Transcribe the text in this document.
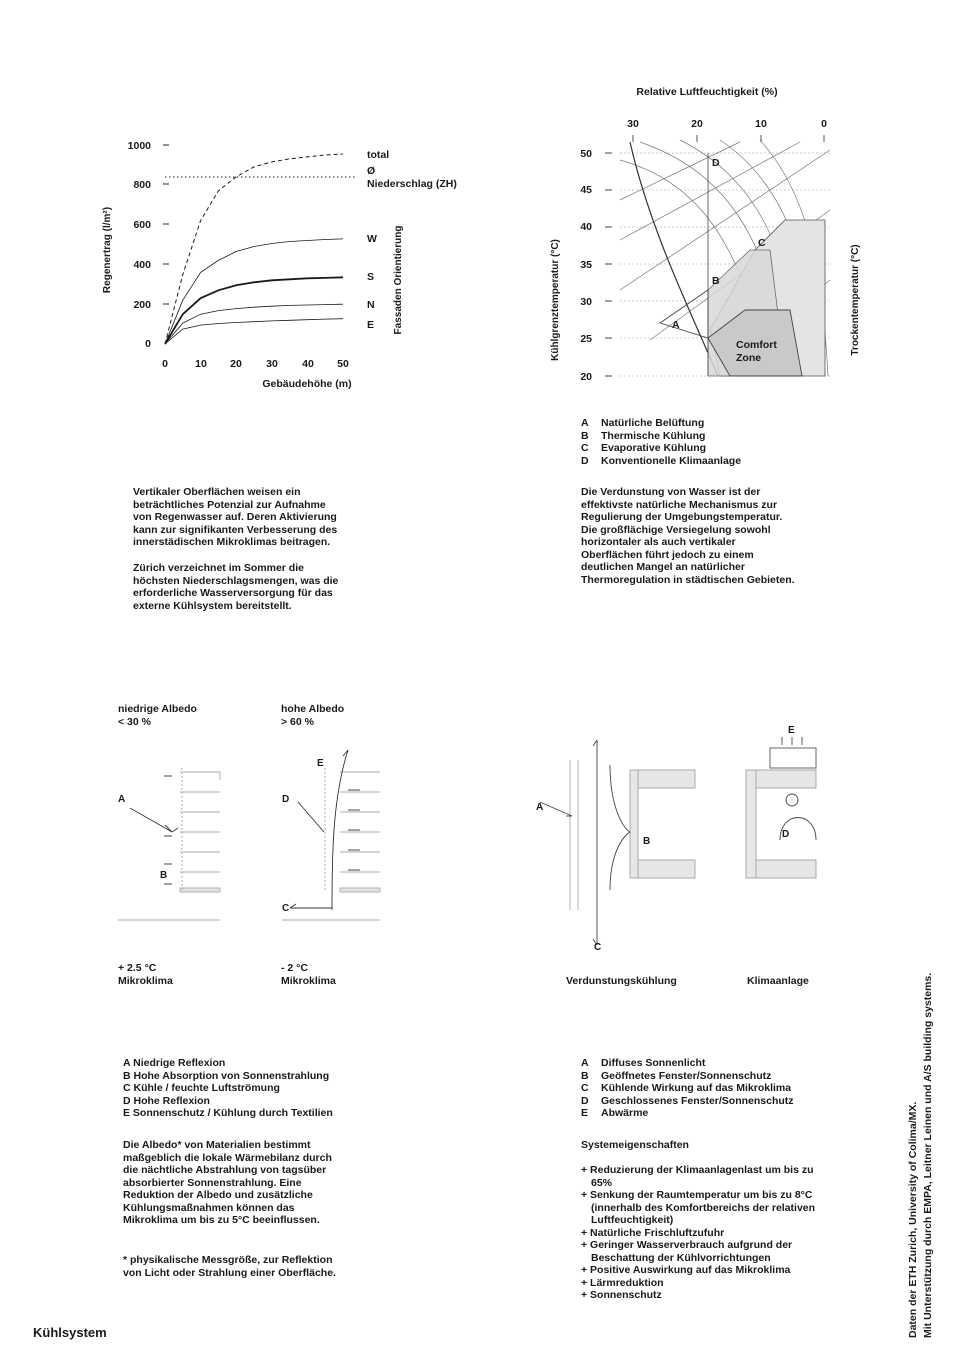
1000
800
600
400
200
0
0	10 20 30 40 50
Gebäudehöhe (m)
Regenertrag (l/m²)
total
Ø
Niederschlag (ZH)
W
S
N
E Fassaden Orientierung
Relative Luftfeuchtigkeit (%)
30	20	10	0
50
45
40
35
30
25
20
A
B
C
D
Comfort
Zone
Kühlgrenztemperatur (°C)	Trockentemperatur (°C)
A Natürliche Belüftung
B Thermische Kühlung
C Evaporative Kühlung
D Konventionelle Klimaanlage
Vertikaler Oberflächen weisen ein
beträchtliches Potenzial zur Aufnahme
von Regenwasser auf. Deren Aktivierung
kann zur signifikanten Verbesserung des
innerstädischen Mikroklimas beitragen.
Zürich verzeichnet im Sommer die
höchsten Niederschlagsmengen, was die
erforderliche Wasserversorgung für das
externe Kühlsystem bereitstellt.
Die Verdunstung von Wasser ist der
effektivste natürliche Mechanismus zur
Regulierung der Umgebungstemperatur.
Die großflächige Versiegelung sowohl
horizontaler als auch vertikaler
Oberflächen führt jedoch zu einem
deutlichen Mangel an natürlicher
Thermoregulation in städtischen Gebieten.
niedrige Albedo
< 30 %
hohe Albedo
> 60 %
A
B
C
D
E
+ 2.5 °C
Mikroklima
- 2 °C
Mikroklima
A
B
C
D
E
Verdunstungskühlung	Klimaanlage
A Niedrige Reflexion
B Hohe Absorption von Sonnenstrahlung
C Kühle / feuchte Luftströmung
D Hohe Reflexion
E Sonnenschutz / Kühlung durch Textilien
Die Albedo* von Materialien bestimmt
maßgeblich die lokale Wärmebilanz durch
die nächtliche Abstrahlung von tagsüber
absorbierter Sonnenstrahlung. Eine
Reduktion der Albedo und zusätzliche
Kühlungsmaßnahmen können das
Mikroklima um bis zu 5°C beeinflussen.
* physikalische Messgröße, zur Reflektion
von Licht oder Strahlung einer Oberfläche.
A Diffuses Sonnenlicht
B Geöffnetes Fenster/Sonnenschutz
C Kühlende Wirkung auf das Mikroklima
D Geschlossenes Fenster/Sonnenschutz
E Abwärme
Systemeigenschaften
+ Reduzierung der Klimaanlagenlast um bis zu 65%
+ Senkung der Raumtemperatur um bis zu 8°C (innerhalb des Komfortbereichs der relativen Luftfeuchtigkeit)
+ Natürliche Frischluftzufuhr
+ Geringer Wasserverbrauch aufgrund der Beschattung der Kühlvorrichtungen
+ Positive Auswirkung auf das Mikroklima
+ Lärmreduktion
+ Sonnenschutz
Kühlsystem	Daten der ETH Zurich, University of Colima/MX. Mit Unterstützung durch EMPA, Leitner Leinen und A/S building systems.
